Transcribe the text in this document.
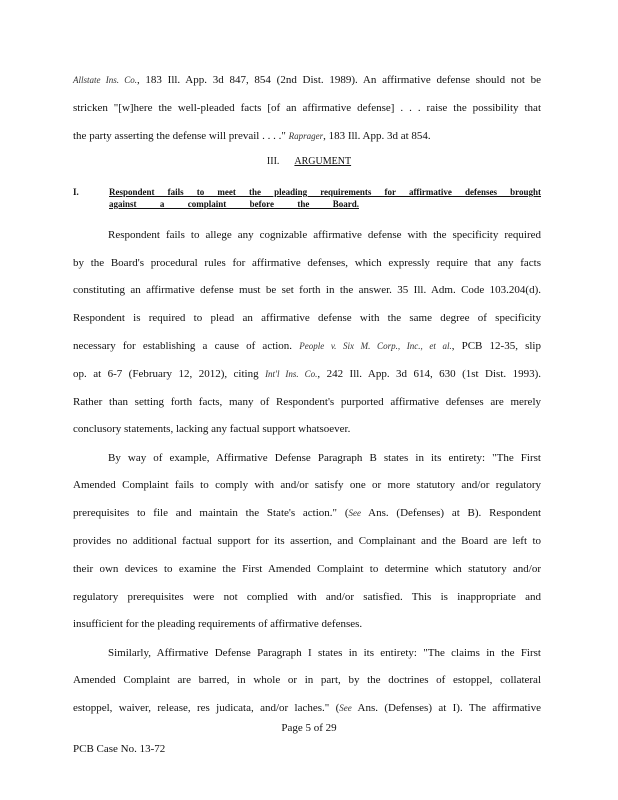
Allstate Ins. Co., 183 Ill. App. 3d 847, 854 (2nd Dist. 1989). An affirmative defense should not be
stricken "[w]here the well-pleaded facts [of an affirmative defense] . . . raise the possibility that
the party asserting the defense will prevail . . . ." Raprager, 183 Ill. App. 3d at 854.
III. ARGUMENT
I.	Respondent fails to meet the pleading requirements for affirmative defenses brought
against a complaint before the Board.
Respondent fails to allege any cognizable affirmative defense with the specificity required
by the Board's procedural rules for affirmative defenses, which expressly require that any facts
constituting an affirmative defense must be set forth in the answer. 35 Ill. Adm. Code 103.204(d).
Respondent is required to plead an affirmative defense with the same degree of specificity
necessary for establishing a cause of action. People v. Six M. Corp., Inc., et al., PCB 12-35, slip
op. at 6-7 (February 12, 2012), citing Int'l Ins. Co., 242 Ill. App. 3d 614, 630 (1st Dist. 1993).
Rather than setting forth facts, many of Respondent's purported affirmative defenses are merely
conclusory statements, lacking any factual support whatsoever.
By way of example, Affirmative Defense Paragraph B states in its entirety: "The First
Amended Complaint fails to comply with and/or satisfy one or more statutory and/or regulatory
prerequisites to file and maintain the State's action." (See Ans. (Defenses) at B). Respondent
provides no additional factual support for its assertion, and Complainant and the Board are left to
their own devices to examine the First Amended Complaint to determine which statutory and/or
regulatory prerequisites were not complied with and/or satisfied. This is inappropriate and
insufficient for the pleading requirements of affirmative defenses.
Similarly, Affirmative Defense Paragraph I states in its entirety: "The claims in the First
Amended Complaint are barred, in whole or in part, by the doctrines of estoppel, collateral
estoppel, waiver, release, res judicata, and/or laches." (See Ans. (Defenses) at I). The affirmative
Page 5 of 29
PCB Case No. 13-72
